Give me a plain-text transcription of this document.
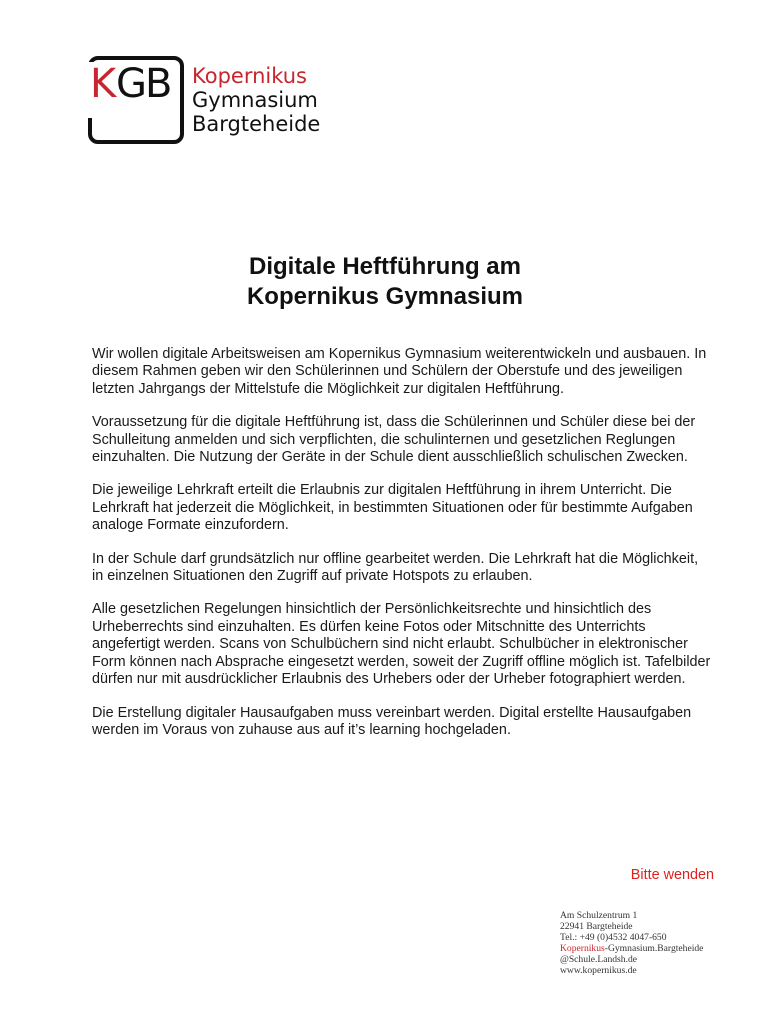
K GB Kopernikus
Gymnasium
Bargteheide
Digitale Heftführung am
Kopernikus Gymnasium

Wir wollen digitale Arbeitsweisen am Kopernikus Gymnasium weiterentwickeln und ausbauen. In diesem Rahmen geben wir den Schülerinnen und Schülern der Oberstufe und des jeweiligen letzten Jahrgangs der Mittelstufe die Möglichkeit zur digitalen Heftführung.

Voraussetzung für die digitale Heftführung ist, dass die Schülerinnen und Schüler diese bei der Schulleitung anmelden und sich verpflichten, die schulinternen und gesetzlichen Reglungen einzuhalten. Die Nutzung der Geräte in der Schule dient ausschließlich schulischen Zwecken.

Die jeweilige Lehrkraft erteilt die Erlaubnis zur digitalen Heftführung in ihrem Unterricht. Die Lehrkraft hat jederzeit die Möglichkeit, in bestimmten Situationen oder für bestimmte Aufgaben analoge Formate einzufordern.

In der Schule darf grundsätzlich nur offline gearbeitet werden. Die Lehrkraft hat die Möglichkeit, in einzelnen Situationen den Zugriff auf private Hotspots zu erlauben.

Alle gesetzlichen Regelungen hinsichtlich der Persönlichkeitsrechte und hinsichtlich des Urheberrechts sind einzuhalten. Es dürfen keine Fotos oder Mitschnitte des Unterrichts angefertigt werden. Scans von Schulbüchern sind nicht erlaubt. Schulbücher in elektronischer Form können nach Absprache eingesetzt werden, soweit der Zugriff offline möglich ist. Tafelbilder dürfen nur mit ausdrücklicher Erlaubnis des Urhebers oder der Urheber fotographiert werden.

Die Erstellung digitaler Hausaufgaben muss vereinbart werden. Digital erstellte Hausaufgaben werden im Voraus von zuhause aus auf it’s learning hochgeladen.

Bitte wenden
Am Schulzentrum 1
22941 Bargteheide
Tel.: +49 (0)4532 4047-650
Kopernikus-Gymnasium.Bargteheide
@Schule.Landsh.de
www.kopernikus.de
